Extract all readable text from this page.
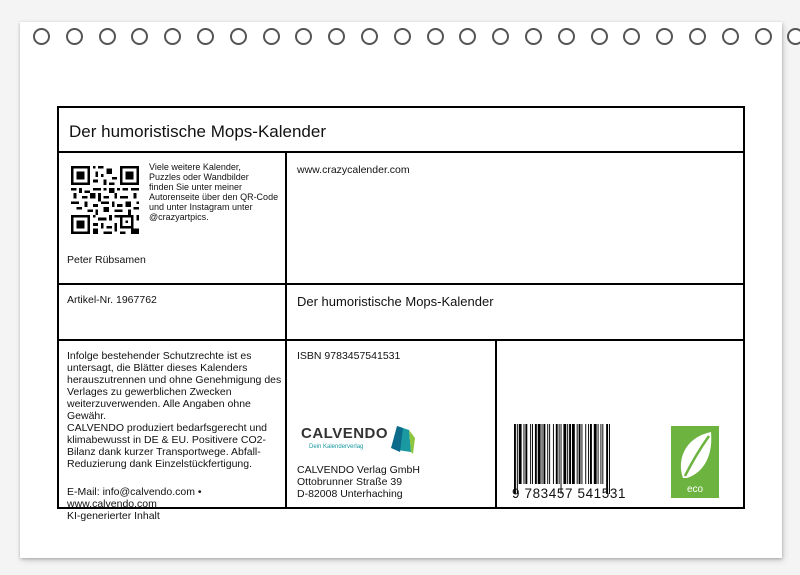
Der humoristische Mops-Kalender
Viele weitere Kalender,
Puzzles oder Wandbilder
finden Sie unter meiner
Autorenseite über den QR-Code
und unter Instagram unter
@crazyartpics.
Peter Rübsamen
www.crazycalender.com
Artikel-Nr. 1967762	Der humoristische Mops-Kalender
Infolge bestehender Schutzrechte ist es
untersagt, die Blätter dieses Kalenders
herauszutrennen und ohne Genehmigung des
Verlages zu gewerblichen Zwecken
weiterzuverwenden. Alle Angaben ohne
Gewähr.
CALVENDO produziert bedarfsgerecht und
klimabewusst in DE & EU. Positivere CO2-
Bilanz dank kurzer Transportwege. Abfall-
Reduzierung dank Einzelstückfertigung.
E-Mail: info@calvendo.com •
www.calvendo.com
KI-generierter Inhalt
ISBN 9783457541531
CALVENDO
Dein Kalenderverlag
CALVENDO Verlag GmbH
Ottobrunner Straße 39
D-82008 Unterhaching	9 783457 541531	eco
